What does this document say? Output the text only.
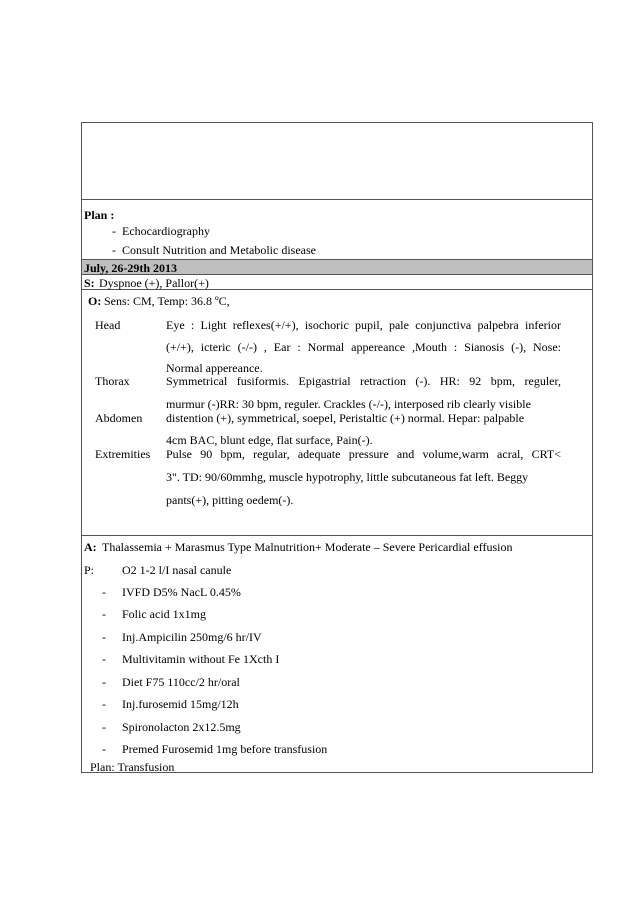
Plan :
- Echocardiography
- Consult Nutrition and Metabolic disease
July, 26-29th 2013
S: Dyspnoe (+), Pallor(+)
O: Sens: CM, Temp: 36.8 ºC,
Head	Eye : Light reflexes(+/+), isochoric pupil, pale conjunctiva palpebra inferior
(+/+), icteric (-/-) , Ear : Normal appereance ,Mouth : Sianosis (-), Nose:
Normal appereance.
Thorax	Symmetrical fusiformis. Epigastrial retraction (-). HR: 92 bpm, reguler,
murmur (-)RR: 30 bpm, reguler. Crackles (-/-), interposed rib clearly visible
Abdomen distention (+), symmetrical, soepel, Peristaltic (+) normal. Hepar: palpable
4cm BAC, blunt edge, flat surface, Pain(-).
Extremities Pulse 90 bpm, regular, adequate pressure and volume,warm acral, CRT<
3". TD: 90/60mmhg, muscle hypotrophy, little subcutaneous fat left. Beggy
pants(+), pitting oedem(-).
A: Thalassemia + Marasmus Type Malnutrition+ Moderate – Severe Pericardial effusion
P: O2 1-2 l/I nasal canule
- IVFD D5% NacL 0.45%
- Folic acid 1x1mg
- Inj.Ampicilin 250mg/6 hr/IV
- Multivitamin without Fe 1Xcth I
- Diet F75 110cc/2 hr/oral
- Inj.furosemid 15mg/12h
- Spironolacton 2x12.5mg
- Premed Furosemid 1mg before transfusion
Plan: Transfusion
